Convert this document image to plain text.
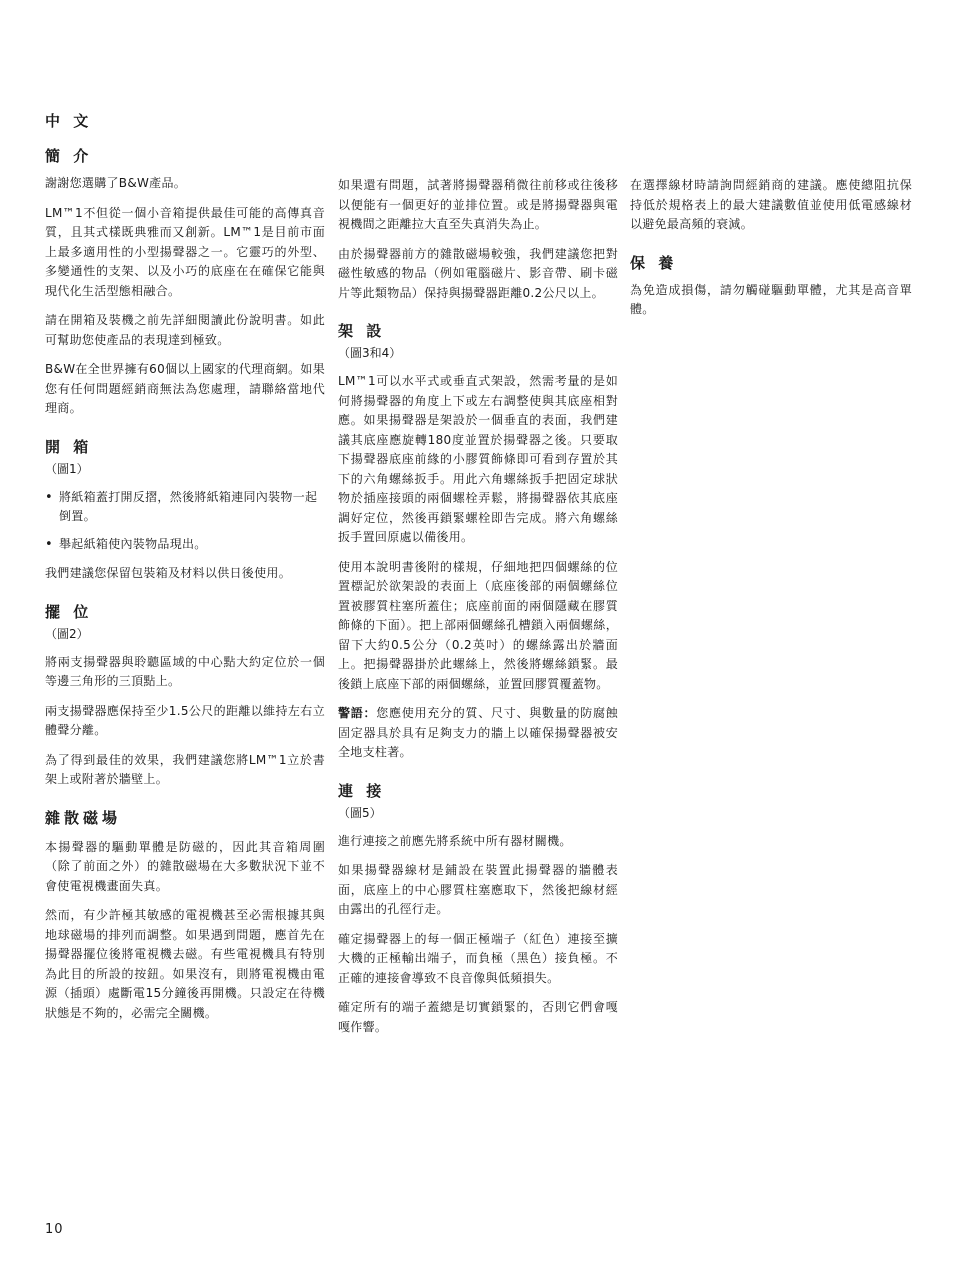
中 文
簡 介

謝謝您選購了B&W產品。

LM™1不但從一個小音箱提供最佳可能的高傳真音質，且其式樣既典雅而又創新。LM™1是目前市面上最多適用性的小型揚聲器之一。它靈巧的外型、多變通性的支架、以及小巧的底座在在確保它能與現代化生活型態相融合。

請在開箱及裝機之前先詳細閱讀此份說明書。如此可幫助您使產品的表現達到極致。

B&W在全世界擁有60個以上國家的代理商網。如果您有任何問題經銷商無法為您處理，請聯絡當地代理商。

開 箱
（圖1）
• 將紙箱蓋打開反摺，然後將紙箱連同內裝物一起倒置。
• 舉起紙箱使內裝物品現出。

我們建議您保留包裝箱及材料以供日後使用。

擺 位
（圖2）

將兩支揚聲器與聆聽區域的中心點大約定位於一個等邊三角形的三頂點上。

兩支揚聲器應保持至少1.5公尺的距離以維持左右立體聲分離。

為了得到最佳的效果，我們建議您將LM™1立於書架上或附著於牆壁上。

雜散磁場

本揚聲器的驅動單體是防磁的，因此其音箱周圍（除了前面之外）的雜散磁場在大多數狀況下並不會使電視機畫面失真。

然而，有少許極其敏感的電視機甚至必需根據其與地球磁場的排列而調整。如果遇到問題，應首先在揚聲器擺位後將電視機去磁。有些電視機具有特別為此目的所設的按鈕。如果沒有，則將電視機由電源（插頭）處斷電15分鐘後再開機。只設定在待機狀態是不夠的，必需完全關機。

如果還有問題，試著將揚聲器稍微往前移或往後移以便能有一個更好的並排位置。或是將揚聲器與電視機間之距離拉大直至失真消失為止。

由於揚聲器前方的雜散磁場較強，我們建議您把對磁性敏感的物品（例如電腦磁片、影音帶、刷卡磁片等此類物品）保持與揚聲器距離0.2公尺以上。

架 設
（圖3和4）

LM™1可以水平式或垂直式架設，然需考量的是如何將揚聲器的角度上下或左右調整使與其底座相對應。如果揚聲器是架設於一個垂直的表面，我們建議其底座應旋轉180度並置於揚聲器之後。只要取下揚聲器底座前緣的小膠質飾條即可看到存置於其下的六角螺絲扳手。用此六角螺絲扳手把固定球狀物於插座接頭的兩個螺栓弄鬆，將揚聲器依其底座調好定位，然後再鎖緊螺栓即告完成。將六角螺絲扳手置回原處以備後用。

使用本說明書後附的樣規，仔細地把四個螺絲的位置標記於欲架設的表面上（底座後部的兩個螺絲位置被膠質柱塞所蓋住；底座前面的兩個隱藏在膠質飾條的下面）。把上部兩個螺絲孔槽鎖入兩個螺絲，留下大約0.5公分（0.2英吋）的螺絲露出於牆面上。把揚聲器掛於此螺絲上，然後將螺絲鎖緊。最後鎖上底座下部的兩個螺絲，並置回膠質覆蓋物。

警語：您應使用充分的質、尺寸、與數量的防腐蝕固定器具於具有足夠支力的牆上以確保揚聲器被安全地支柱著。

連 接
（圖5）

進行連接之前應先將系統中所有器材關機。

如果揚聲器線材是鋪設在裝置此揚聲器的牆體表面，底座上的中心膠質柱塞應取下，然後把線材經由露出的孔徑行走。

確定揚聲器上的每一個正極端子（紅色）連接至擴大機的正極輸出端子，而負極（黑色）接負極。不正確的連接會導致不良音像與低頻損失。

確定所有的端子蓋總是切實鎖緊的，否則它們會嘎嘎作響。

在選擇線材時請詢問經銷商的建議。應使總阻抗保持低於規格表上的最大建議數值並使用低電感線材以避免最高頻的衰減。

保 養

為免造成損傷，請勿觸碰驅動單體，尤其是高音單體。

10
